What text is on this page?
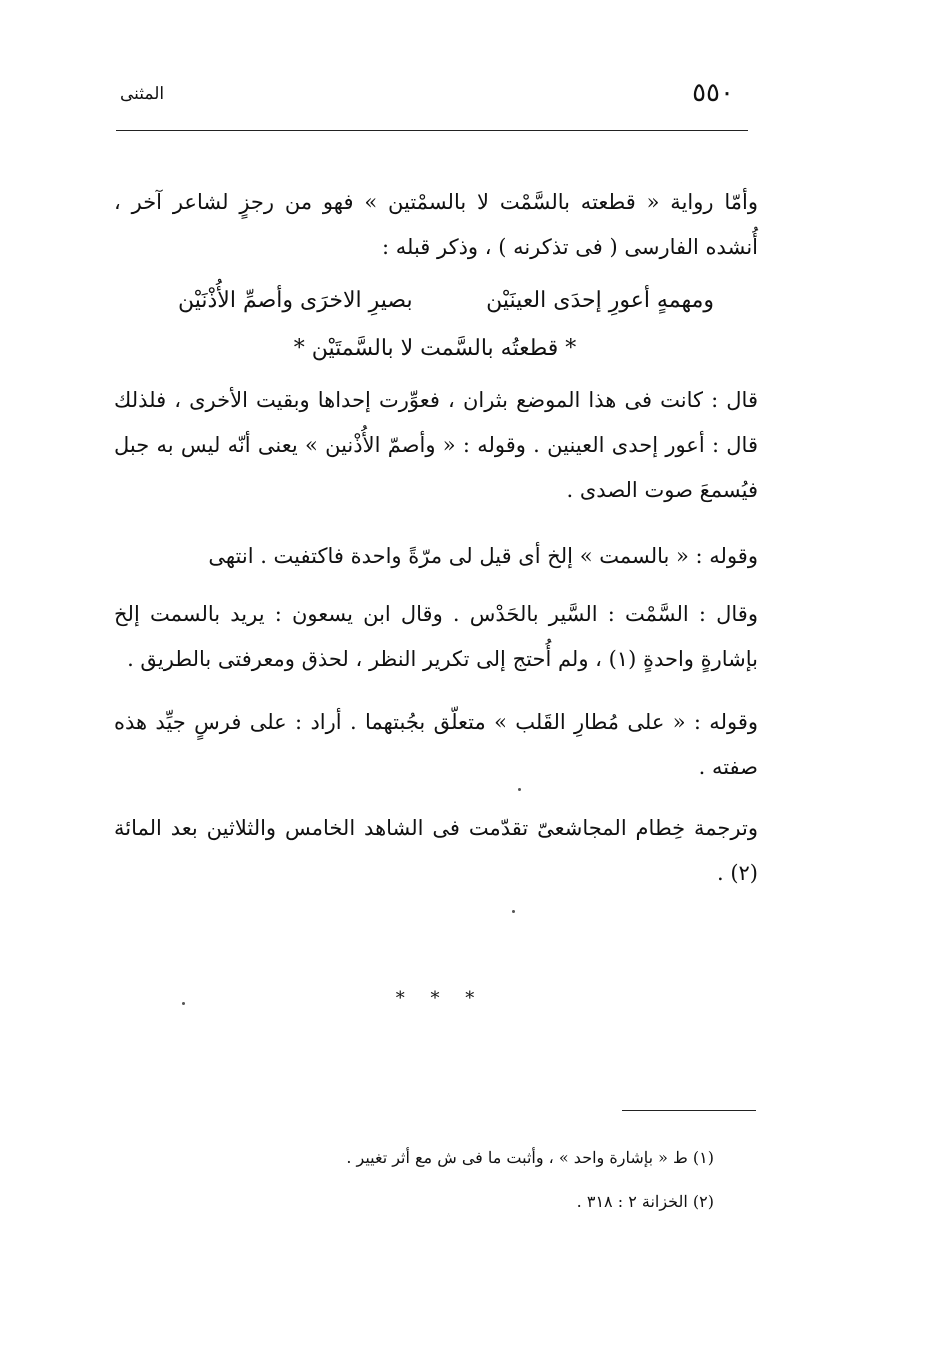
٥٥٠
المثنى
وأمّا رواية « قطعته بالسَّمْت لا بالسمْتين » فهو من رجزٍ لشاعر آخر ، أُنشده الفارسى ( فى تذكرنه ) ، وذكر قبله :
ومهمهٍ أعورِ إحدَى العينَيْن
بصيرِ الاخرَى وأصمِّ الأُذْنَيْن
* قطعتُه بالسَّمت لا بالسَّمتَيْن *
قال : كانت فى هذا الموضع بثران ، فعوِّرت إحداها وبقيت الأخرى ، فلذلك قال : أعور إحدى العينين . وقوله : « وأصمّ الأُذْنين » يعنى أنّه ليس به جبل فيُسمعَ صوت الصدى .
وقوله : « بالسمت » إلخ أى قيل لى مرّةً واحدة فاكتفيت . انتهى
وقال : السَّمْت : السَّير بالحَدْس . وقال ابن يسعون : يريد بالسمت إلخ بإشارةٍ واحدةٍ (١) ، ولم أُحتج إلى تكرير النظر ، لحذق ومعرفتى بالطريق .
وقوله : « على مُطارِ القَلب » متعلّق بجُبتهما . أراد : على فرسٍ جيِّد هذه صفته .
وترجمة خِطام المجاشعىّ تقدّمت فى الشاهد الخامس والثلاثين بعد المائة (٢) .
* * *
(١) ط « بإشارة واحد » ، وأثبت ما فى ش مع أثر تغيير .
(٢) الخزانة ٢ : ٣١٨ .
